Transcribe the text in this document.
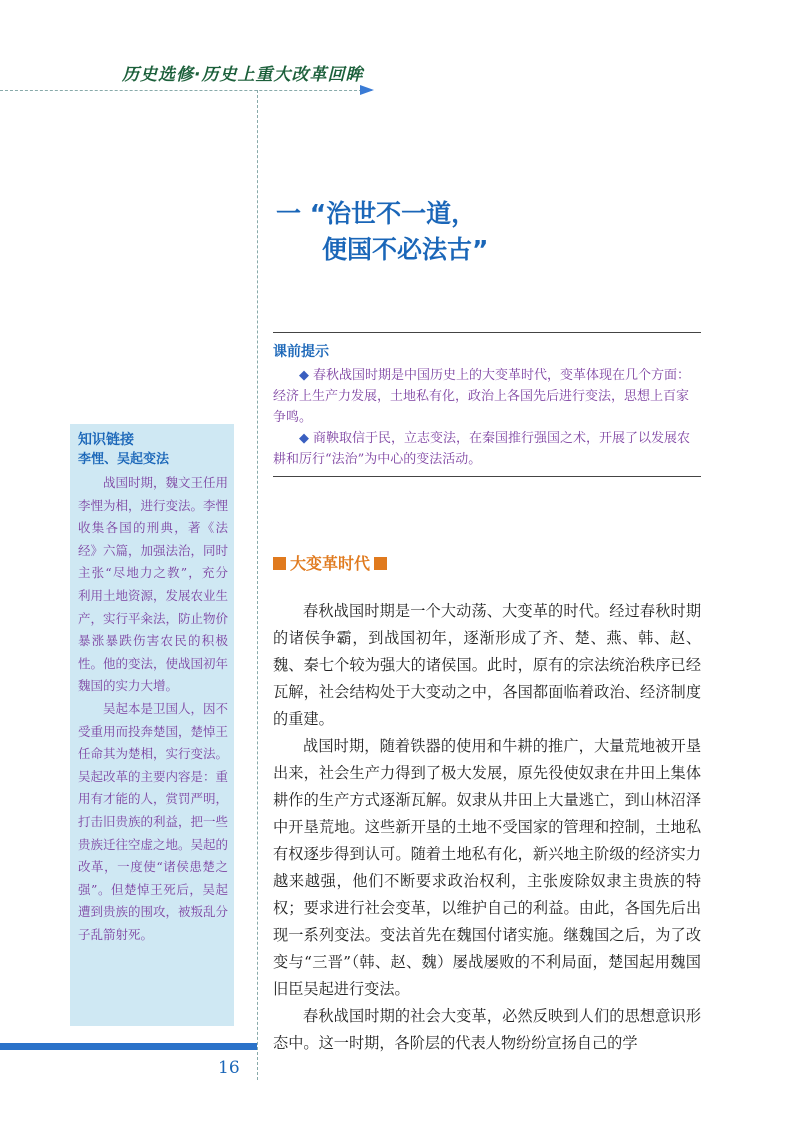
历史选修·历史上重大改革回眸
一 “治世不一道，
便国不必法古”
课前提示

◆ 春秋战国时期是中国历史上的大变革时代，变革体现在几个方面：经济上生产力发展，土地私有化，政治上各国先后进行变法，思想上百家争鸣。

◆ 商鞅取信于民，立志变法，在秦国推行强国之术，开展了以发展农耕和厉行“法治”为中心的变法活动。

知识链接
李悝、吴起变法

战国时期，魏文王任用李悝为相，进行变法。李悝收集各国的刑典，著《法经》六篇，加强法治，同时主张“尽地力之教”，充分利用土地资源，发展农业生产，实行平籴法，防止物价暴涨暴跌伤害农民的积极性。他的变法，使战国初年魏国的实力大增。

吴起本是卫国人，因不受重用而投奔楚国，楚悼王任命其为楚相，实行变法。吴起改革的主要内容是：重用有才能的人，赏罚严明，打击旧贵族的利益，把一些贵族迁往空虚之地。吴起的改革，一度使“诸侯患楚之强”。但楚悼王死后，吴起遭到贵族的围攻，被叛乱分子乱箭射死。

大变革时代

春秋战国时期是一个大动荡、大变革的时代。经过春秋时期的诸侯争霸，到战国初年，逐渐形成了齐、楚、燕、韩、赵、魏、秦七个较为强大的诸侯国。此时，原有的宗法统治秩序已经瓦解，社会结构处于大变动之中，各国都面临着政治、经济制度的重建。

战国时期，随着铁器的使用和牛耕的推广，大量荒地被开垦出来，社会生产力得到了极大发展，原先役使奴隶在井田上集体耕作的生产方式逐渐瓦解。奴隶从井田上大量逃亡，到山林沼泽中开垦荒地。这些新开垦的土地不受国家的管理和控制，土地私有权逐步得到认可。随着土地私有化，新兴地主阶级的经济实力越来越强，他们不断要求政治权利，主张废除奴隶主贵族的特权；要求进行社会变革，以维护自己的利益。由此，各国先后出现一系列变法。变法首先在魏国付诸实施。继魏国之后，为了改变与“三晋”（韩、赵、魏）屡战屡败的不利局面，楚国起用魏国旧臣吴起进行变法。

春秋战国时期的社会大变革，必然反映到人们的思想意识形态中。这一时期，各阶层的代表人物纷纷宣扬自己的学

16
